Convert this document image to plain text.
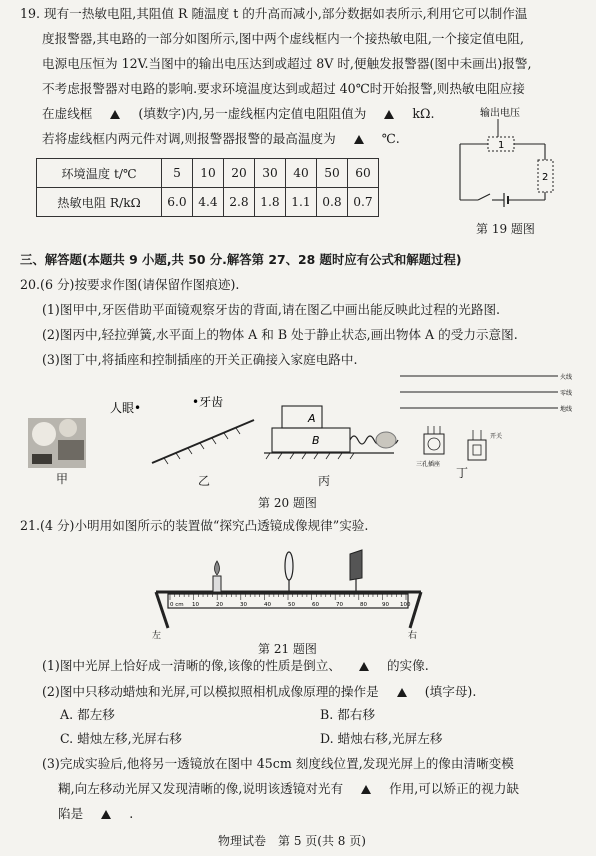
19. 现有一热敏电阻,其阻值 R 随温度 t 的升高而减小,部分数据如表所示,利用它可以制作温
度报警器,其电路的一部分如图所示,图中两个虚线框内一个接热敏电阻,一个接定值电阻,
电源电压恒为 12V.当图中的输出电压达到或超过 8V 时,便触发报警器(图中未画出)报警,
不考虑报警器对电路的影响.要求环境温度达到或超过 40℃时开始报警,则热敏电阻应接
在虚线框	(填数字)内,另一虚线框内定值电阻阻值为	kΩ.
若将虚线框内两元件对调,则报警器报警的最高温度为	℃.
环境温度 t/℃	5	10	20	30	40	50	60
热敏电阻 R/kΩ	6.0	4.4	2.8	1.8	1.1	0.8	0.7
输出电压
1
2
第 19 题图
三、解答题(本题共 9 小题,共 50 分.解答第 27、28 题时应有公式和解题过程)
20.(6 分)按要求作图(请保留作图痕迹).
(1)图甲中,牙医借助平面镜观察牙齿的背面,请在图乙中画出能反映此过程的光路图.
(2)图丙中,轻拉弹簧,水平面上的物体 A 和 B 处于静止状态,画出物体 A 的受力示意图.
(3)图丁中,将插座和控制插座的开关正确接入家庭电路中.
人眼•	•牙齿
A
B
火线
零线
地线
三孔插座
开关
甲	乙	丙
丁
第 20 题图
21.(4 分)小明用如图所示的装置做“探究凸透镜成像规律”实验.
0 cm 10	20	30	40	50	60	70	80	90 100
左	右
第 21 题图
(1)图中光屏上恰好成一清晰的像,该像的性质是倒立、	的实像.
(2)图中只移动蜡烛和光屏,可以模拟照相机成像原理的操作是	(填字母).
A. 都左移	B. 都右移
C. 蜡烛左移,光屏右移	D. 蜡烛右移,光屏左移
(3)完成实验后,他将另一透镜放在图中 45cm 刻度线位置,发现光屏上的像由清晰变模
糊,向左移动光屏又发现清晰的像,说明该透镜对光有	作用,可以矫正的视力缺
陷是	.
物理试卷　第 5 页(共 8 页)
